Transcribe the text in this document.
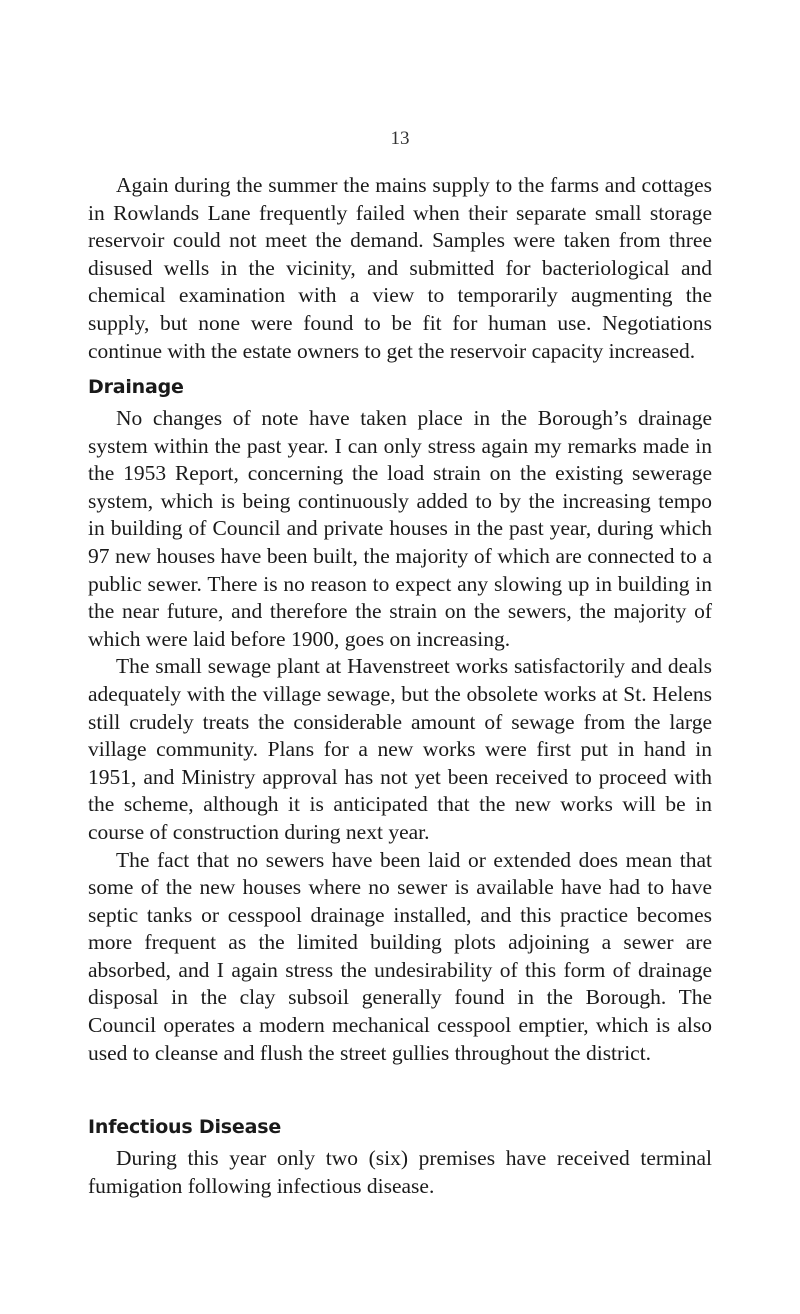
13

Again during the summer the mains supply to the farms and cottages in Rowlands Lane frequently failed when their separate small storage reservoir could not meet the demand. Samples were taken from three disused wells in the vicinity, and submitted for bacteriological and chemical examination with a view to temporarily augmenting the supply, but none were found to be fit for human use. Negotiations continue with the estate owners to get the reservoir capacity increased.

Drainage

No changes of note have taken place in the Borough’s drainage system within the past year. I can only stress again my remarks made in the 1953 Report, concerning the load strain on the existing sewerage system, which is being continuously added to by the increasing tempo in building of Council and private houses in the past year, during which 97 new houses have been built, the majority of which are connected to a public sewer. There is no reason to expect any slowing up in building in the near future, and therefore the strain on the sewers, the majority of which were laid before 1900, goes on increasing.

The small sewage plant at Havenstreet works satisfactorily and deals adequately with the village sewage, but the obsolete works at St. Helens still crudely treats the considerable amount of sewage from the large village community. Plans for a new works were first put in hand in 1951, and Ministry approval has not yet been received to proceed with the scheme, although it is anticipated that the new works will be in course of construction during next year.

The fact that no sewers have been laid or extended does mean that some of the new houses where no sewer is available have had to have septic tanks or cesspool drainage installed, and this practice becomes more frequent as the limited building plots adjoining a sewer are absorbed, and I again stress the undesirability of this form of drainage disposal in the clay subsoil generally found in the Borough. The Council operates a modern mechanical cesspool emptier, which is also used to cleanse and flush the street gullies throughout the district.

Infectious Disease

During this year only two (six) premises have received terminal fumigation following infectious disease.
